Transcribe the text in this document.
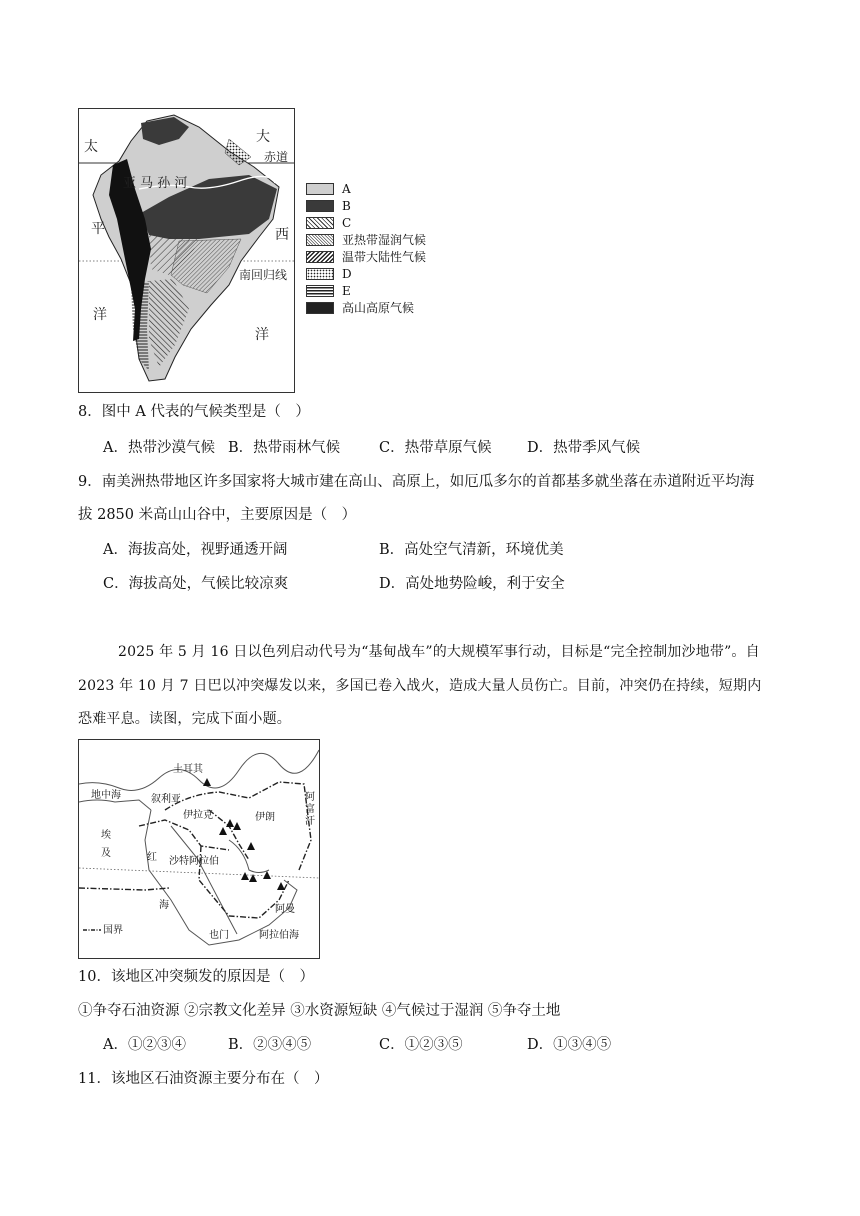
太
平
洋
大
西
洋
赤道
南回归线
亚 马 孙 河	A
B
C
亚热带湿润气候
温带大陆性气候
D
E
高山高原气候
8．图中 A 代表的气候类型是（　）
A．热带沙漠气候 B．热带雨林气候	C．热带草原气候 D．热带季风气候
9．南美洲热带地区许多国家将大城市建在高山、高原上，如厄瓜多尔的首都基多就坐落在赤道附近平均海
拔 2850 米高山山谷中，主要原因是（　）
A．海拔高处，视野通透开阔	B．高处空气清新，环境优美
C．海拔高处，气候比较凉爽	D．高处地势险峻，利于安全
2025 年 5 月 16 日以色列启动代号为“基甸战车”的大规模军事行动，目标是“完全控制加沙地带”。自
2023 年 10 月 7 日巴以冲突爆发以来，多国已卷入战火，造成大量人员伤亡。目前，冲突仍在持续，短期内
恐难平息。读图，完成下面小题。
土耳其
地中海	叙利亚
伊拉克	伊朗
阿
富
汗
埃
及
沙特阿拉伯
红
海	阿曼
也门	阿拉伯海
国界
10．该地区冲突频发的原因是（　）
①争夺石油资源 ②宗教文化差异 ③水资源短缺 ④气候过于湿润 ⑤争夺土地
A．①②③④	B．②③④⑤	C．①②③⑤	D．①③④⑤
11．该地区石油资源主要分布在（　）
